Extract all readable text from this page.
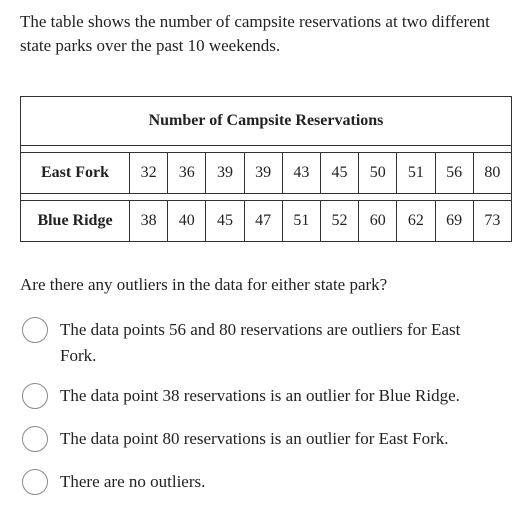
The table shows the number of campsite reservations at two different state parks over the past 10 weekends.

Number of Campsite Reservations										

East Fork	32	36	39	39	43	45	50	51	56	80

Blue Ridge	38	40	45	47	51	52	60	62	69	73

Are there any outliers in the data for either state park?

The data points 56 and 80 reservations are outliers for East Fork.
The data point 38 reservations is an outlier for Blue Ridge.
The data point 80 reservations is an outlier for East Fork.
There are no outliers.
